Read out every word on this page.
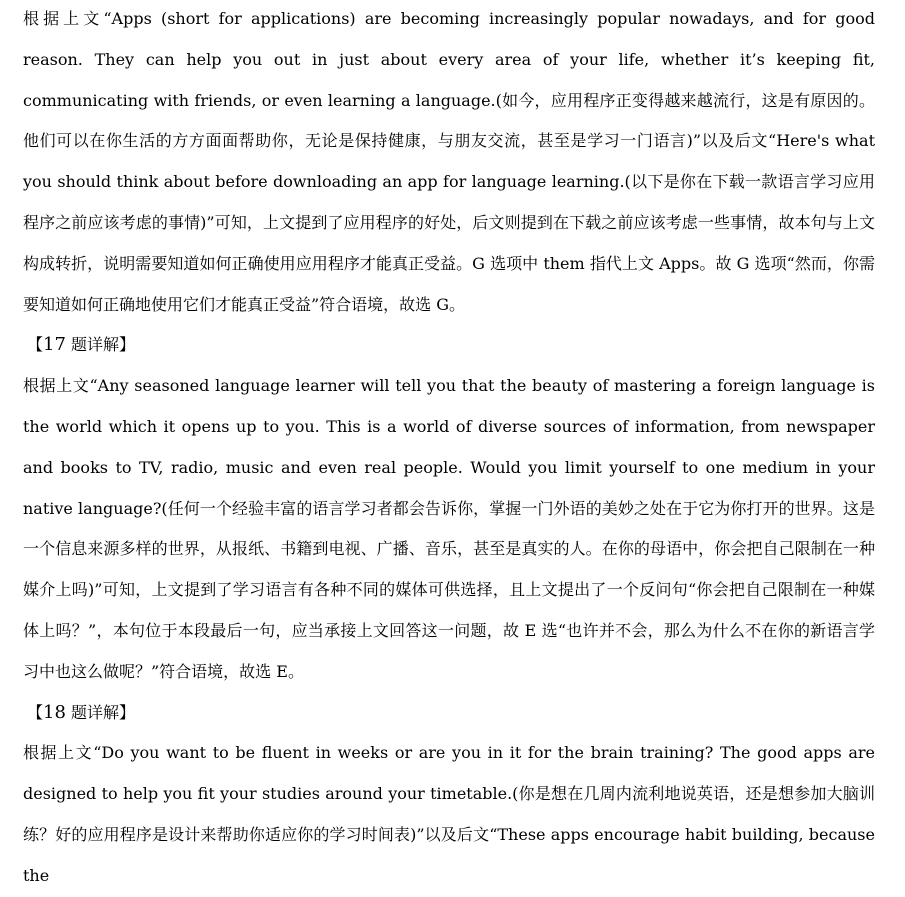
根据上文“Apps (short for applications) are becoming increasingly popular nowadays, and for good reason. They can help you out in just about every area of your life, whether it’s keeping fit, communicating with friends, or even learning a language.(如今，应用程序正变得越来越流行，这是有原因的。他们可以在你生活的方方面面帮助你，无论是保持健康，与朋友交流，甚至是学习一门语言)”以及后文“Here's what you should think about before downloading an app for language learning.(以下是你在下载一款语言学习应用程序之前应该考虑的事情)”可知，上文提到了应用程序的好处，后文则提到在下载之前应该考虑一些事情，故本句与上文构成转折，说明需要知道如何正确使用应用程序才能真正受益。G 选项中 them 指代上文 Apps。故 G 选项“然而，你需要知道如何正确地使用它们才能真正受益”符合语境，故选 G。

【17 题详解】

根据上文“Any seasoned language learner will tell you that the beauty of mastering a foreign language is the world which it opens up to you. This is a world of diverse sources of information, from newspaper and books to TV, radio, music and even real people. Would you limit yourself to one medium in your native language?(任何一个经验丰富的语言学习者都会告诉你，掌握一门外语的美妙之处在于它为你打开的世界。这是一个信息来源多样的世界，从报纸、书籍到电视、广播、音乐，甚至是真实的人。在你的母语中，你会把自己限制在一种媒介上吗)”可知，上文提到了学习语言有各种不同的媒体可供选择，且上文提出了一个反问句“你会把自己限制在一种媒体上吗？”，本句位于本段最后一句，应当承接上文回答这一问题，故 E 选“也许并不会，那么为什么不在你的新语言学习中也这么做呢？”符合语境，故选 E。

【18 题详解】

根据上文“Do you want to be fluent in weeks or are you in it for the brain training? The good apps are designed to help you fit your studies around your timetable.(你是想在几周内流利地说英语，还是想参加大脑训练？好的应用程序是设计来帮助你适应你的学习时间表)”以及后文“These apps encourage habit building, because the
